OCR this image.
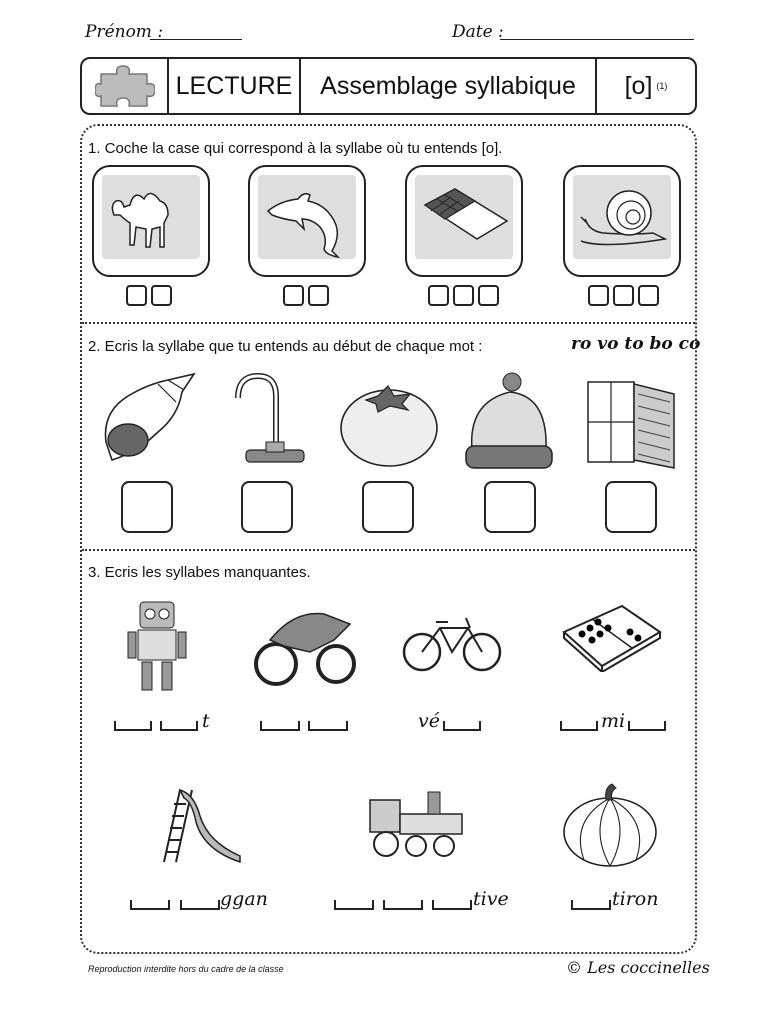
Prénom :	Date :
LECTURE	Assemblage syllabique	[o] (1)
1. Coche la case qui correspond à la syllabe où tu entends [o].
2. Ecris la syllabe que tu entends au début de chaque mot :	ro vo to bo co
3. Ecris les syllabes manquantes.
t	vé	mi
ggan	tive	tiron
Reproduction interdite hors du cadre de la classe	© Les coccinelles
